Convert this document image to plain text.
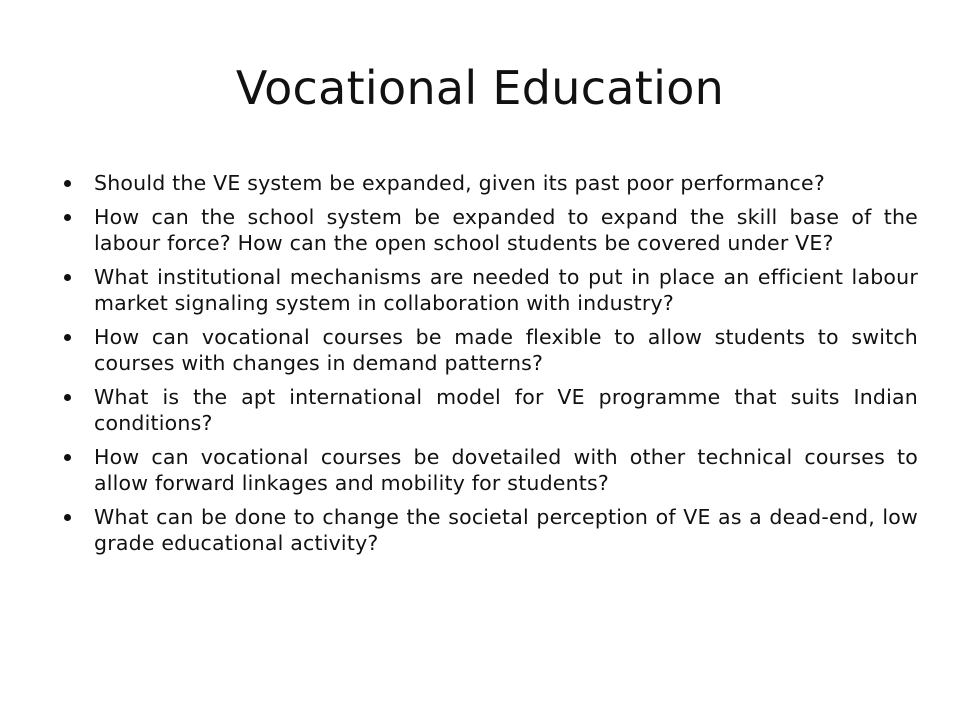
Vocational Education
Should the VE system be expanded, given its past poor performance?
How can the school system be expanded to expand the skill base of the labour force? How can the open school students be covered under VE?
What institutional mechanisms are needed to put in place an efficient labour market signaling system in collaboration with industry?
How can vocational courses be made flexible to allow students to switch courses with changes in demand patterns?
What is the apt international model for VE programme that suits Indian conditions?
How can vocational courses be dovetailed with other technical courses to allow forward linkages and mobility for students?
What can be done to change the societal perception of VE as a dead-end, low grade educational activity?
